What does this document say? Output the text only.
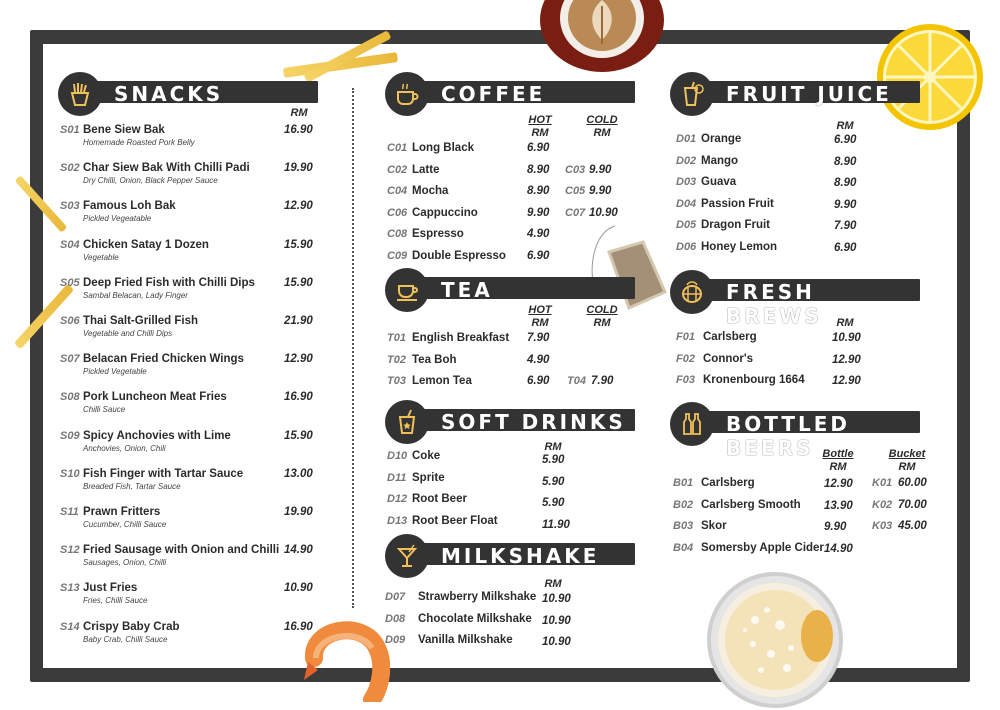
SNACKS
RM
S01 Bene Siew Bak
Homemade Roasted Pork Belly
16.90
S02 Char Siew Bak With Chilli Padi
Dry Chilli, Onion, Black Pepper Sauce
19.90
S03 Famous Loh Bak
Pickled Vegeatable
12.90
S04 Chicken Satay 1 Dozen
Vegetable
15.90
S05 Deep Fried Fish with Chilli Dips
Sambal Belacan, Lady Finger
15.90
S06 Thai Salt-Grilled Fish
Vegetable and Chilli Dips
21.90
S07 Belacan Fried Chicken Wings
Pickled Vegetable
12.90
S08 Pork Luncheon Meat Fries
Chilli Sauce
16.90
S09 Spicy Anchovies with Lime
Anchovies, Onion, Chili
15.90
S10 Fish Finger with Tartar Sauce
Breaded Fish, Tartar Sauce
13.00
S11 Prawn Fritters
Cucumber, Chilli Sauce
19.90
S12 Fried Sausage with Onion and Chilli
Sausages, Onion, Chilli
14.90
S13 Just Fries
Fries, Chilli Sauce
10.90
S14 Crispy Baby Crab
Baby Crab, Chilli Sauce
16.90
COFFEE
HOT
RM
COLD
RM
C01 Long Black	6.90
C02 Latte	8.90 C03 9.90
C04 Mocha	8.90 C05 9.90
C06 Cappuccino	9.90 C07 10.90
C08 Espresso	4.90
C09 Double Espresso 6.90
TEA
HOT
RM
COLD
RM
T01 English Breakfast 7.90
T02 Tea Boh	4.90
T03 Lemon Tea	6.90 T04 7.90
SOFT DRINKS
RM
D10 Coke	5.90
D11 Sprite	5.90
D12 Root Beer	5.90
D13 Root Beer Float	11.90
MILKSHAKE
RM
D07 Strawberry Milkshake 10.90
D08 Chocolate Milkshake 10.90
D09 Vanilla Milkshake	10.90
FRUIT JUICE
RM
D01 Orange	6.90
D02 Mango	8.90
D03 Guava	8.90
D04 Passion Fruit	9.90
D05 Dragon Fruit	7.90
D06 Honey Lemon	6.90
FRESH BREWS	RM
F01 Carlsberg	10.90
F02 Connor's	12.90
F03 Kronenbourg 1664 12.90
BOTTLED BEERS Bottle
RM
Bucket
RM
B01 Carlsberg	12.90 K01 60.00
B02 Carlsberg Smooth 13.90 K02 70.00
B03 Skor	9.90 K03 45.00
B04 Somersby Apple Cider 14.90
